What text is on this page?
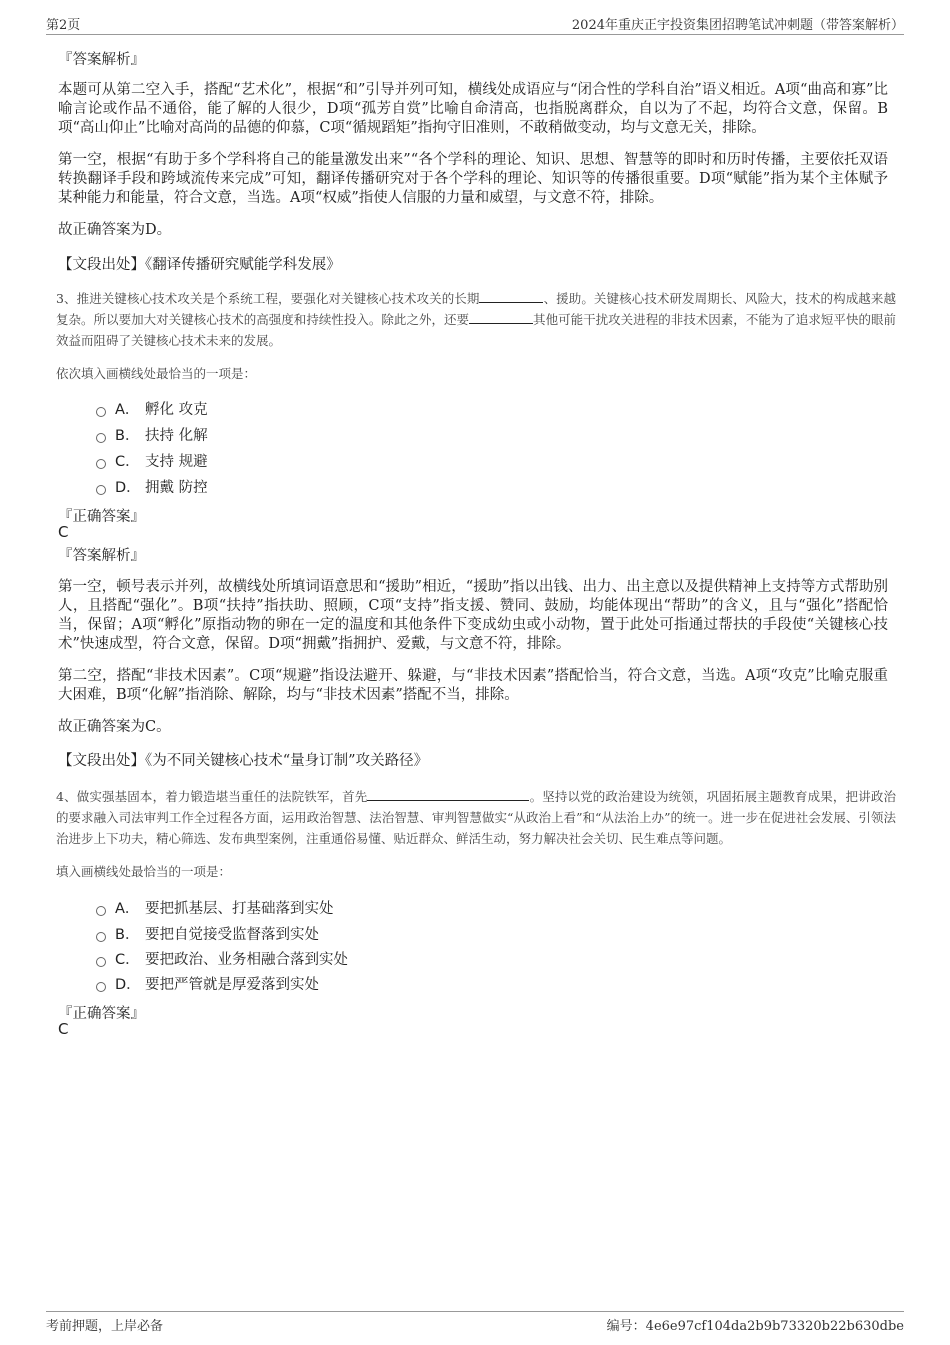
第2页	2024年重庆正宇投资集团招聘笔试冲刺题（带答案解析）
『答案解析』
本题可从第二空入手，搭配“艺术化”，根据“和”引导并列可知，横线处成语应与“闭合性的学科自治”语义相近。A项“曲高和寡”比喻言论或作品不通俗，能了解的人很少，D项“孤芳自赏”比喻自命清高，也指脱离群众，自以为了不起，均符合文意，保留。B项“高山仰止”比喻对高尚的品德的仰慕，C项“循规蹈矩”指拘守旧准则，不敢稍做变动，均与文意无关，排除。
第一空，根据“有助于多个学科将自己的能量激发出来”“各个学科的理论、知识、思想、智慧等的即时和历时传播，主要依托双语转换翻译手段和跨域流传来完成”可知，翻译传播研究对于各个学科的理论、知识等的传播很重要。D项“赋能”指为某个主体赋予某种能力和能量，符合文意，当选。A项“权威”指使人信服的力量和威望，与文意不符，排除。
故正确答案为D。
【文段出处】《翻译传播研究赋能学科发展》
3、推进关键核心技术攻关是个系统工程，要强化对关键核心技术攻关的长期	、援助。关键核心技术研发周期长、风险大，技术的构成越来越复杂。所以要加大对关键核心技术的高强度和持续性投入。除此之外，还要	其他可能干扰攻关进程的非技术因素，不能为了追求短平快的眼前效益而阻碍了关键核心技术未来的发展。
依次填入画横线处最恰当的一项是：
A． 孵化 攻克
B． 扶持 化解
C． 支持 规避
D． 拥戴 防控
『正确答案』
C
『答案解析』
第一空，顿号表示并列，故横线处所填词语意思和“援助”相近，“援助”指以出钱、出力、出主意以及提供精神上支持等方式帮助别人，且搭配“强化”。B项“扶持”指扶助、照顾，C项“支持”指支援、赞同、鼓励，均能体现出“帮助”的含义，且与“强化”搭配恰当，保留；A项“孵化”原指动物的卵在一定的温度和其他条件下变成幼虫或小动物，置于此处可指通过帮扶的手段使“关键核心技术”快速成型，符合文意，保留。D项“拥戴”指拥护、爱戴，与文意不符，排除。
第二空，搭配“非技术因素”。C项“规避”指设法避开、躲避，与“非技术因素”搭配恰当，符合文意，当选。A项“攻克”比喻克服重大困难，B项“化解”指消除、解除，均与“非技术因素”搭配不当，排除。
故正确答案为C。
【文段出处】《为不同关键核心技术“量身订制”攻关路径》
4、做实强基固本，着力锻造堪当重任的法院铁军，首先	。坚持以党的政治建设为统领，巩固拓展主题教育成果，把讲政治的要求融入司法审判工作全过程各方面，运用政治智慧、法治智慧、审判智慧做实“从政治上看”和“从法治上办”的统一。进一步在促进社会发展、引领法治进步上下功夫，精心筛选、发布典型案例，注重通俗易懂、贴近群众、鲜活生动，努力解决社会关切、民生难点等问题。
填入画横线处最恰当的一项是：
A． 要把抓基层、打基础落到实处
B． 要把自觉接受监督落到实处
C． 要把政治、业务相融合落到实处
D． 要把严管就是厚爱落到实处
『正确答案』
C
考前押题，上岸必备	编号：4e6e97cf104da2b9b73320b22b630dbe
